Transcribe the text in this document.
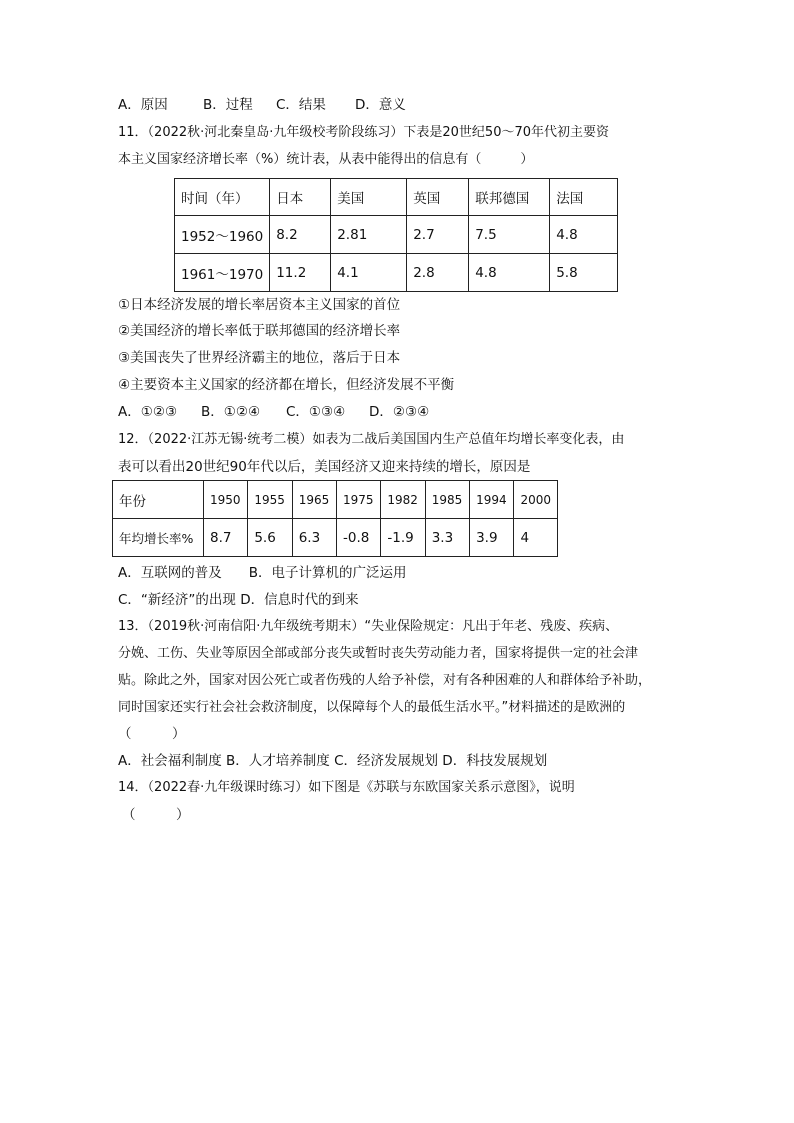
A．原因	B．过程 C．结果 D．意义
11．（2022秋·河北秦皇岛·九年级校考阶段练习）下表是20世纪50～70年代初主要资
本主义国家经济增长率（%）统计表，从表中能得出的信息有（　　　）
时间（年）	日本	美国	英国	联邦德国	法国
1952～1960	8.2	2.81	2.7	7.5	4.8
1961～1970	11.2	4.1	2.8	4.8	5.8
①日本经济发展的增长率居资本主义国家的首位
②美国经济的增长率低于联邦德国的经济增长率
③美国丧失了世界经济霸主的地位，落后于日本
④主要资本主义国家的经济都在增长，但经济发展不平衡
A．①②③ B．①②④ C．①③④ D．②③④
12．（2022·江苏无锡·统考二模）如表为二战后美国国内生产总值年均增长率变化表，由
表可以看出20世纪90年代以后，美国经济又迎来持续的增长，原因是
年份	1950	1955	1965	1975	1982	1985	1994	2000
年均增长率%	8.7	5.6	6.3	-0.8	-1.9	3.3	3.9	4
A．互联网的普及　　B．电子计算机的广泛运用
C．“新经济”的出现 D．信息时代的到来
13．（2019秋·河南信阳·九年级统考期末）“失业保险规定：凡出于年老、残废、疾病、
分娩、工伤、失业等原因全部或部分丧失或暂时丧失劳动能力者，国家将提供一定的社会津
贴。除此之外，国家对因公死亡或者伤残的人给予补偿，对有各种困难的人和群体给予补助，
同时国家还实行社会社会救济制度，以保障每个人的最低生活水平。”材料描述的是欧洲的
（　　　）
A．社会福利制度 B．人才培养制度 C．经济发展规划 D．科技发展规划
14．（2022春·九年级课时练习）如下图是《苏联与东欧国家关系示意图》，说明
（　　　）
